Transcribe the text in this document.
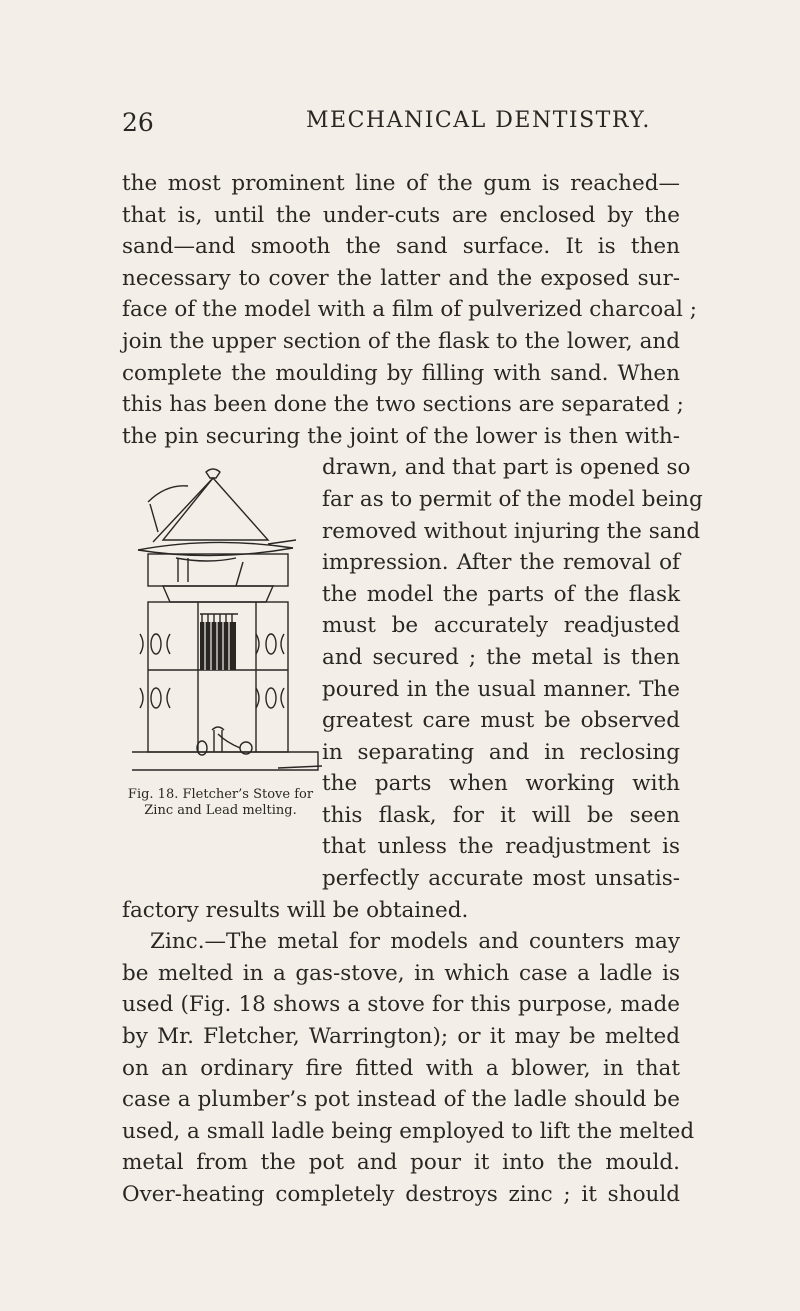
26	MECHANICAL DENTISTRY.
Fig. 18. Fletcher’s Stove for
Zinc and Lead melting.
the most prominent line of the gum is reached—
that is, until the under-cuts are enclosed by the
sand—and smooth the sand surface. It is then
necessary to cover the latter and the exposed sur-
face of the model with a film of pulverized charcoal ;
join the upper section of the flask to the lower, and
complete the moulding by filling with sand. When
this has been done the two sections are separated ;
the pin securing the joint of the lower is then with-
drawn, and that part is opened so
far as to permit of the model being
removed without injuring the sand
impression. After the removal of
the model the parts of the flask
must be accurately readjusted
and secured ; the metal is then
poured in the usual manner. The
greatest care must be observed
in separating and in reclosing
the parts when working with
this flask, for it will be seen
that unless the readjustment is
perfectly accurate most unsatis-
factory results will be obtained.
Zinc.—The metal for models and counters may
be melted in a gas-stove, in which case a ladle is
used (Fig. 18 shows a stove for this purpose, made
by Mr. Fletcher, Warrington); or it may be melted
on an ordinary fire fitted with a blower, in that
case a plumber’s pot instead of the ladle should be
used, a small ladle being employed to lift the melted
metal from the pot and pour it into the mould.
Over-heating completely destroys zinc ; it should
